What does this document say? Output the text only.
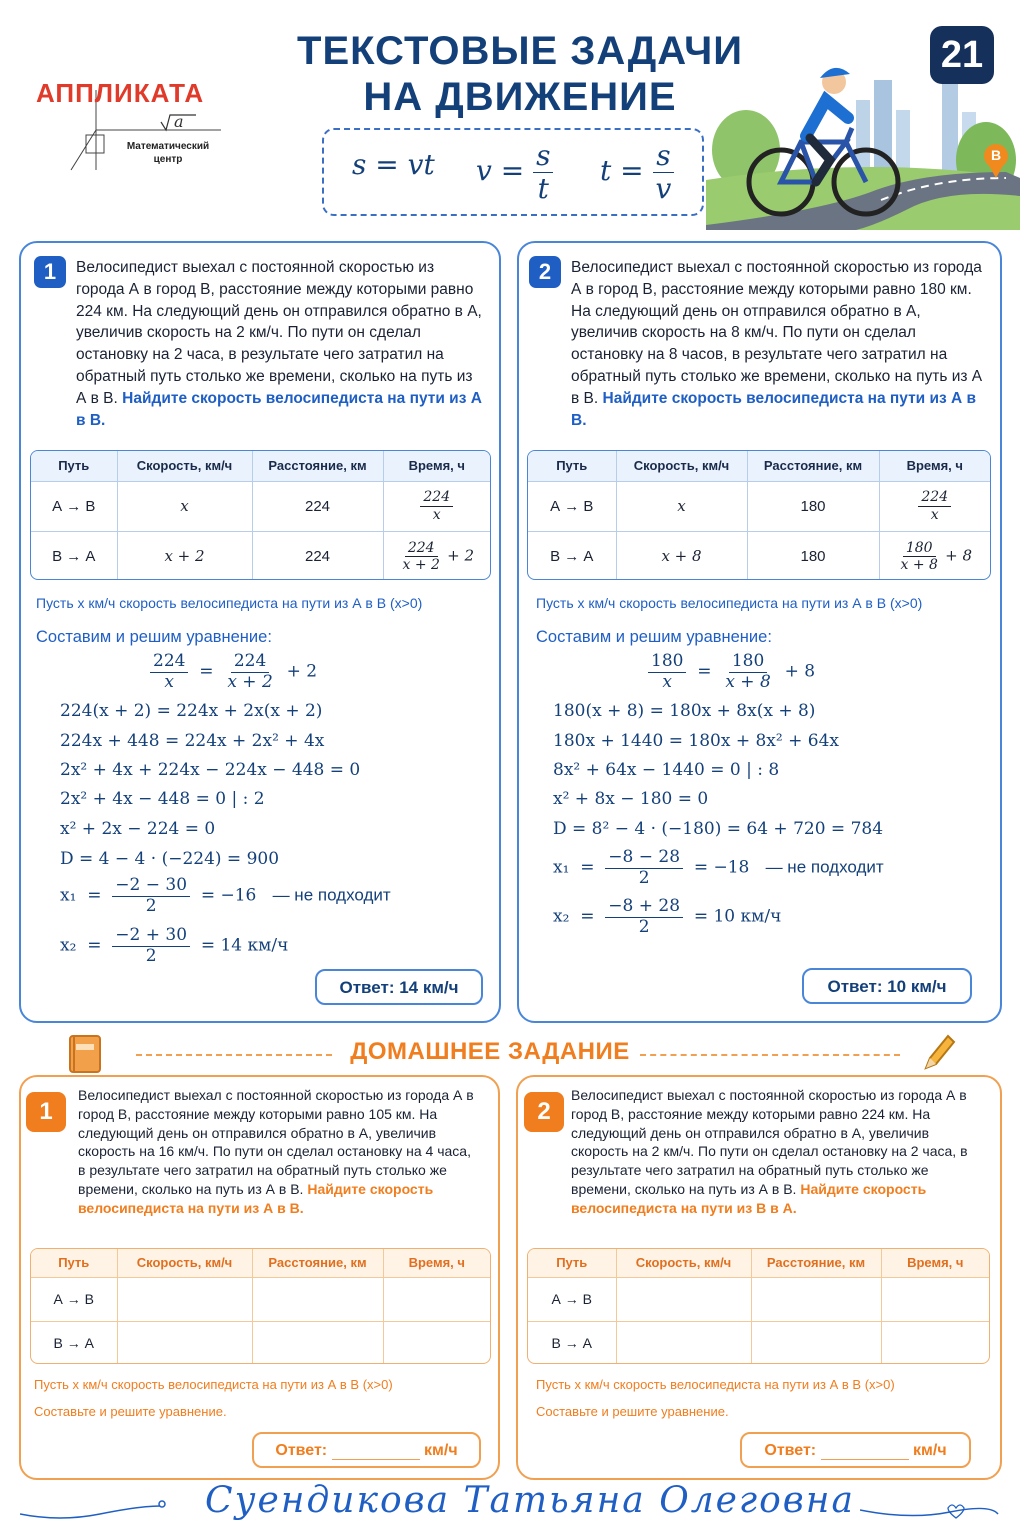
АППЛИКАТА
a
Математический центр
ТЕКСТОВЫЕ ЗАДАЧИ
НА ДВИЖЕНИЕ
21
s = vt $v = \frac{s}{t}$ $t = \frac{s}{v}$	B
1	Велосипедист выехал с постоянной скоростью из города А в город В, расстояние между которыми равно 224 км. На следующий день он отправился обратно в А, увеличив скорость на 2 км/ч. По пути он сделал остановку на 2 часа, в результате чего затратил на обратный путь столько же времени, сколько на путь из А в В. Найдите скорость велосипедиста на пути из А в В.
Путь	Скорость, км/ч	Расстояние, км	Время, ч
А → В	x	224	$\frac{224}{x}$

В → А	x + 2	224	$\frac{224}{x + 2} + 2$
Пусть x км/ч скорость велосипедиста на пути из А в В (x>0)
Составим и решим уравнение:
$\frac{224}{x} = \frac{224}{x + 2} + 2$
224(x + 2) = 224x + 2x(x + 2)
224x + 448 = 224x + 2x² + 4x
2x² + 4x + 224x − 224x − 448 = 0
2x² + 4x − 448 = 0 | : 2
x² + 2x − 224 = 0
D = 4 − 4 · (−224) = 900
$x_1 = \frac{-2 - 30}{2} = -16$ — не подходит
$x_2 = \frac{-2 + 30}{2} = 14$ км/ч
Ответ: 14 км/ч
2	Велосипедист выехал с постоянной скоростью из города А в город В, расстояние между которыми равно 180 км. На следующий день он отправился обратно в А, увеличив скорость на 8 км/ч. По пути он сделал остановку на 8 часов, в результате чего затратил на обратный путь столько же времени, сколько на путь из А в В. Найдите скорость велосипедиста на пути из А в В.
Путь	Скорость, км/ч	Расстояние, км	Время, ч
А → В	x	180	$\frac{224}{x}$

В → А	x + 8	180	$\frac{180}{x + 8} + 8$
Пусть x км/ч скорость велосипедиста на пути из А в В (x>0)
Составим и решим уравнение:
$\frac{180}{x} = \frac{180}{x + 8} + 8$
180(x + 8) = 180x + 8x(x + 8)
180x + 1440 = 180x + 8x² + 64x
8x² + 64x − 1440 = 0 | : 8
x² + 8x − 180 = 0
D = 8² − 4 · (−180) = 64 + 720 = 784
$x_1 = \frac{-8 - 28}{2} = -18$ — не подходит
$x_2 = \frac{-8 + 28}{2} = 10$ км/ч
Ответ: 10 км/ч
ДОМАШНЕЕ ЗАДАНИЕ
1
Велосипедист выехал с постоянной скоростью из города А в город В, расстояние между которыми равно 105 км. На следующий день он отправился обратно в А, увеличив скорость на 16 км/ч. По пути он сделал остановку на 4 часа, в результате чего затратил на обратный путь столько же времени, сколько на путь из А в В. Найдите скорость велосипедиста на пути из А в В.
Путь	Скорость, км/ч	Расстояние, км	Время, ч
А → В			
В → А			
Пусть x км/ч скорость велосипедиста на пути из А в В (x>0)
Составьте и решите уравнение.
Ответ:	км/ч
2
Велосипедист выехал с постоянной скоростью из города А в город В, расстояние между которыми равно 224 км. На следующий день он отправился обратно в А, увеличив скорость на 2 км/ч. По пути он сделал остановку на 2 часа, в результате чего затратил на обратный путь столько же времени, сколько на путь из А в В. Найдите скорость велосипедиста на пути из В в А.
Путь	Скорость, км/ч	Расстояние, км	Время, ч
А → В			
В → А			
Пусть x км/ч скорость велосипедиста на пути из А в В (x>0)
Составьте и решите уравнение.
Ответ:	км/ч
Суендикова Татьяна Олеговна
